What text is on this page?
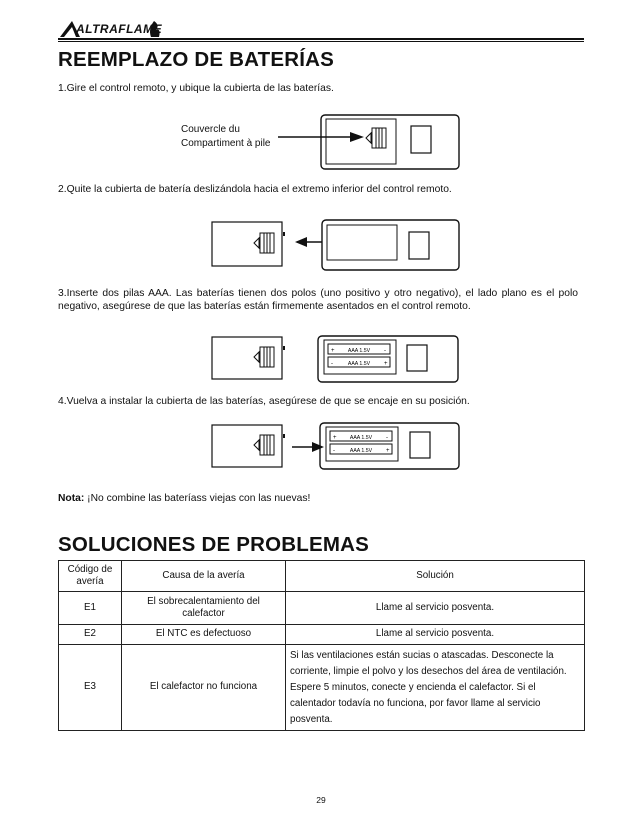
ALTRAFLAME
REEMPLAZO DE BATERÍAS

1.Gire el control remoto, y ubique la cubierta de las baterías.

Couvercle du
Compartiment à pile

2.Quite la cubierta de batería deslizándola hacia el extremo inferior del control remoto.

3.Inserte dos pilas AAA. Las baterías tienen dos polos (uno positivo y otro negativo), el lado plano es el polo negativo, asegúrese de que las baterías están firmemente asentados en el control remoto.

AAA 1.5V
AAA 1.5V
+	-
-	+

4.Vuelva a instalar la cubierta de las baterías, asegúrese de que se encaje en su posición.

AAA 1.5V
AAA 1.5V
+	-
-	+
Nota: ¡No combine las bateríass viejas con las nuevas!
SOLUCIONES DE PROBLEMAS
Código de avería	Causa de la avería	Solución
E1	El sobrecalentamiento del calefactor	Llame al servicio posventa.
E2	El NTC es defectuoso	Llame al servicio posventa.
E3	El calefactor no funciona	Si las ventilaciones están sucias o atascadas. Desconecte la corriente, limpie el polvo y los desechos del área de ventilación. Espere 5 minutos, conecte y encienda el calefactor. Si el calentador todavía no funciona, por favor llame al servicio posventa.
29
